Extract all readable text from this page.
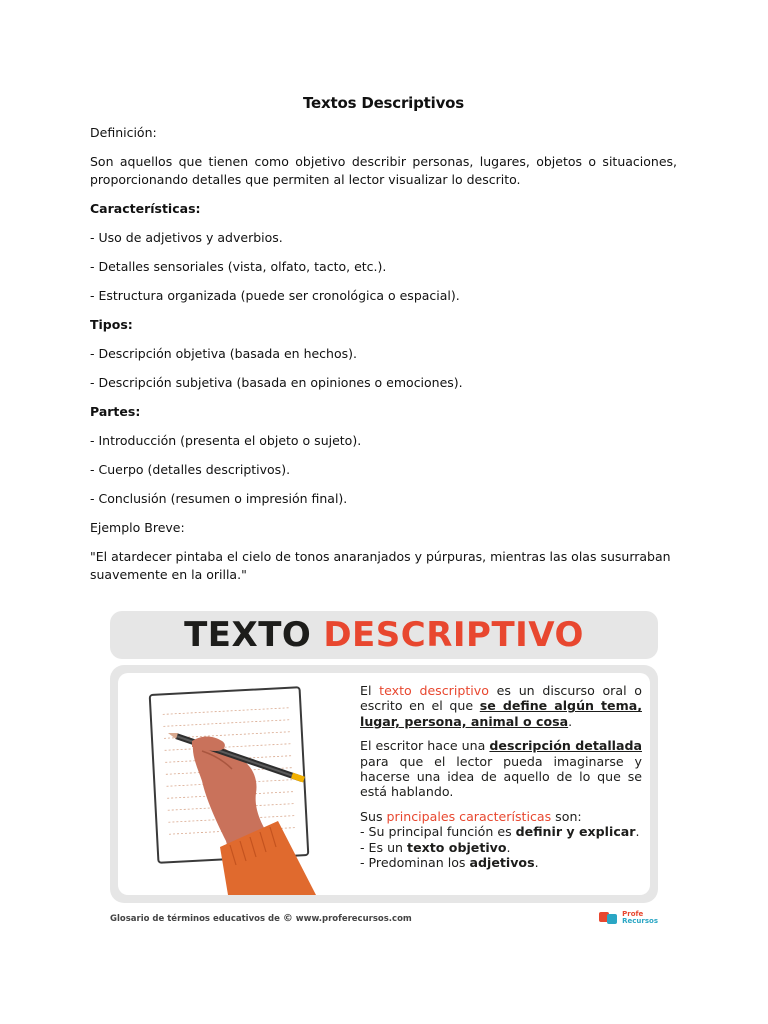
Textos Descriptivos
Definición:
Son aquellos que tienen como objetivo describir personas, lugares, objetos o situaciones, proporcionando detalles que permiten al lector visualizar lo descrito.
Características:
- Uso de adjetivos y adverbios.
- Detalles sensoriales (vista, olfato, tacto, etc.).
- Estructura organizada (puede ser cronológica o espacial).
Tipos:
- Descripción objetiva (basada en hechos).
- Descripción subjetiva (basada en opiniones o emociones).
Partes:
- Introducción (presenta el objeto o sujeto).
- Cuerpo (detalles descriptivos).
- Conclusión (resumen o impresión final).
Ejemplo Breve:
"El atardecer pintaba el cielo de tonos anaranjados y púrpuras, mientras las olas susurraban suavemente en la orilla."
TEXTO DESCRIPTIVO
El texto descriptivo es un discurso oral o escrito en el que se define algún tema, lugar, persona, animal o cosa.
El escritor hace una descripción detallada para que el lector pueda imaginarse y hacerse una idea de aquello de lo que se está hablando.
Sus principales características son:
- Su principal función es definir y explicar.
- Es un texto objetivo.
- Predominan los adjetivos.
Glosario de términos educativos de © www.proferecursos.com	Profe
Recursos
